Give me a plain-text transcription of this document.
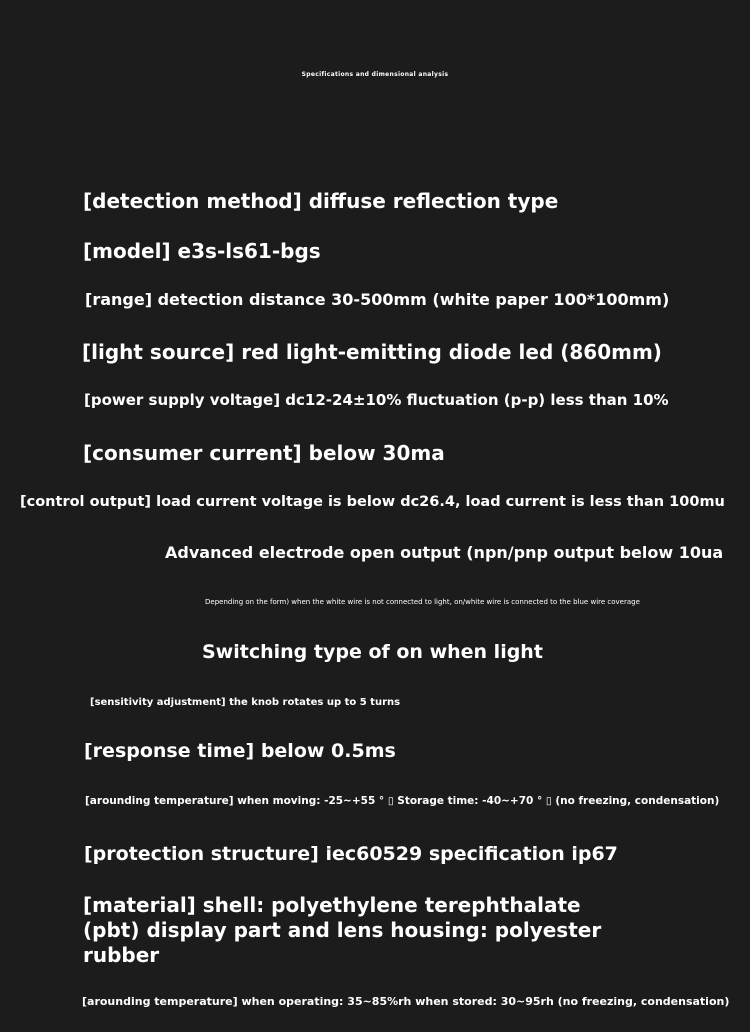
Specifications and dimensional analysis
[detection method] diffuse reflection type
[model] e3s-ls61-bgs
[range] detection distance 30-500mm (white paper 100*100mm)
[light source] red light-emitting diode led (860mm)
[power supply voltage] dc12-24±10% fluctuation (p-p) less than 10%
[consumer current] below 30ma
[control output] load current voltage is below dc26.4, load current is less than 100mu
Advanced electrode open output (npn/pnp output below 10ua
Depending on the form) when the white wire is not connected to light, on/white wire is connected to the blue wire coverage
Switching type of on when light
[sensitivity adjustment] the knob rotates up to 5 turns
[response time] below 0.5ms
[arounding temperature] when moving: -25~+55 ° ▯ Storage time: -40~+70 ° ▯ (no freezing, condensation)
[protection structure] iec60529 specification ip67
[material] shell: polyethylene terephthalate (pbt) display part and lens housing: polyester rubber
[arounding temperature] when operating: 35~85%rh when stored: 30~95rh (no freezing, condensation)
